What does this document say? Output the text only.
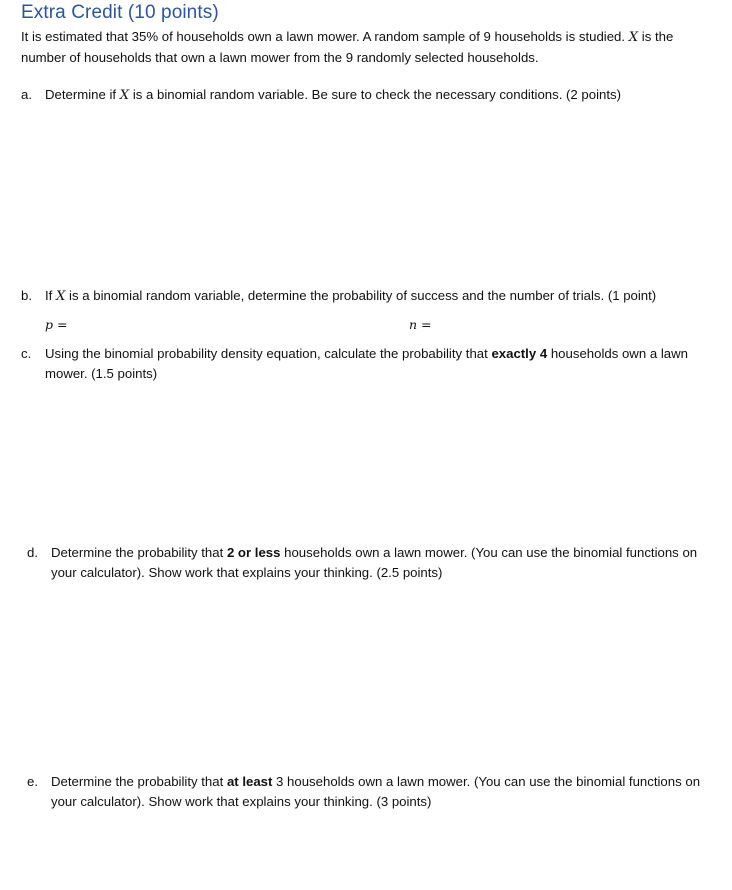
Extra Credit (10 points)
It is estimated that 35% of households own a lawn mower. A random sample of 9 households is studied. X is the number of households that own a lawn mower from the 9 randomly selected households.
a. Determine if X is a binomial random variable. Be sure to check the necessary conditions. (2 points)
b. If X is a binomial random variable, determine the probability of success and the number of trials. (1 point)
p =	n =
c.	Using the binomial probability density equation, calculate the probability that exactly 4 households own a lawn mower. (1.5 points)
d. Determine the probability that 2 or less households own a lawn mower. (You can use the binomial functions on your calculator). Show work that explains your thinking. (2.5 points)
e. Determine the probability that at least 3 households own a lawn mower. (You can use the binomial functions on your calculator). Show work that explains your thinking. (3 points)
